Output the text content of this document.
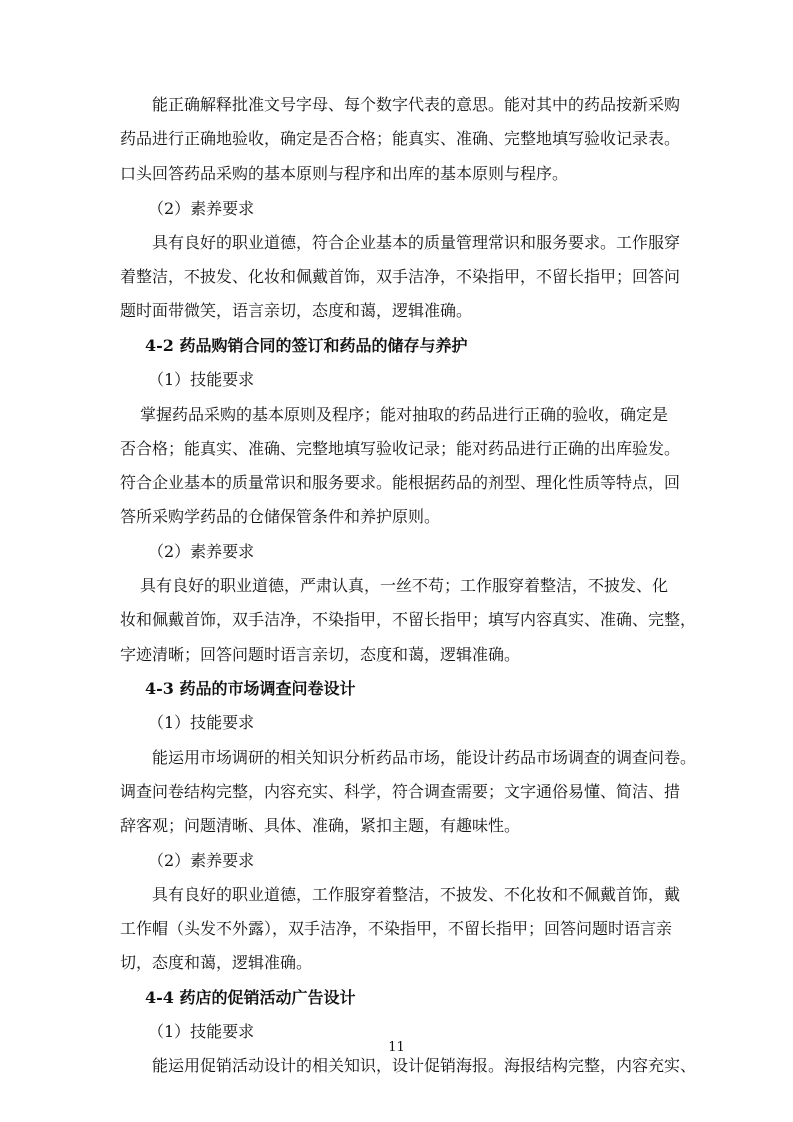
能正确解释批准文号字母、每个数字代表的意思。能对其中的药品按新采购
药品进行正确地验收，确定是否合格；能真实、准确、完整地填写验收记录表。
口头回答药品采购的基本原则与程序和出库的基本原则与程序。
（2）素养要求
具有良好的职业道德，符合企业基本的质量管理常识和服务要求。工作服穿
着整洁，不披发、化妆和佩戴首饰，双手洁净，不染指甲，不留长指甲；回答问
题时面带微笑，语言亲切，态度和蔼，逻辑准确。
4-2 药品购销合同的签订和药品的储存与养护
（1）技能要求
掌握药品采购的基本原则及程序；能对抽取的药品进行正确的验收，确定是
否合格；能真实、准确、完整地填写验收记录；能对药品进行正确的出库验发。
符合企业基本的质量常识和服务要求。能根据药品的剂型、理化性质等特点，回
答所采购学药品的仓储保管条件和养护原则。
（2）素养要求
具有良好的职业道德，严肃认真，一丝不苟；工作服穿着整洁，不披发、化
妆和佩戴首饰，双手洁净，不染指甲，不留长指甲；填写内容真实、准确、完整，
字迹清晰；回答问题时语言亲切，态度和蔼，逻辑准确。
4-3 药品的市场调查问卷设计
（1）技能要求
能运用市场调研的相关知识分析药品市场，能设计药品市场调查的调查问卷。
调查问卷结构完整，内容充实、科学，符合调查需要；文字通俗易懂、简洁、措
辞客观；问题清晰、具体、准确，紧扣主题，有趣味性。
（2）素养要求
具有良好的职业道德，工作服穿着整洁，不披发、不化妆和不佩戴首饰，戴
工作帽（头发不外露），双手洁净，不染指甲，不留长指甲；回答问题时语言亲
切，态度和蔼，逻辑准确。
4-4 药店的促销活动广告设计
（1）技能要求
能运用促销活动设计的相关知识，设计促销海报。海报结构完整，内容充实、
11
